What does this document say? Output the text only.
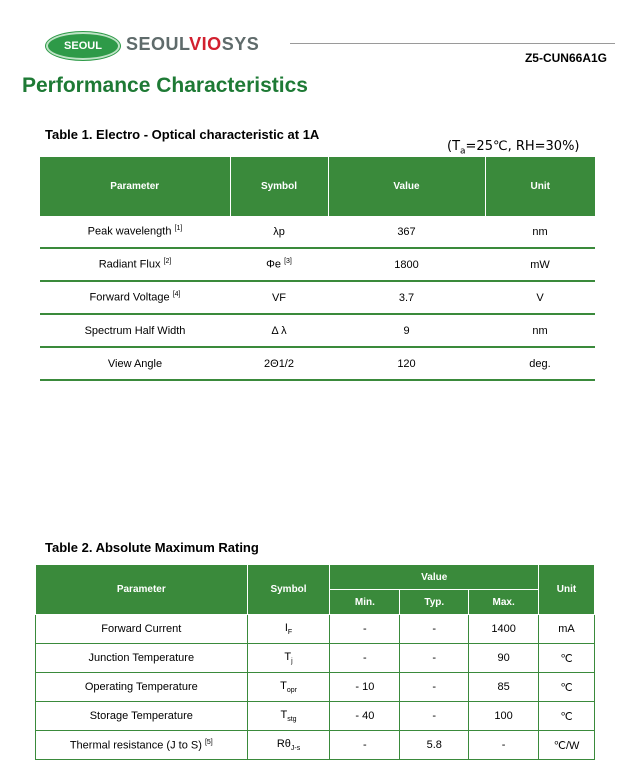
SEOUL	SEOULVIOSYS
Z5-CUN66A1G
Performance Characteristics
Table 1. Electro - Optical characteristic at 1A
($T_a=25℃$, RH=30%)
Parameter	Symbol	Value	Unit
Peak wavelength [1]	λp	367	nm
Radiant Flux [2]	Φe [3]	1800	mW
Forward Voltage [4]	VF	3.7	V
Spectrum Half Width	Δ λ	9	nm
View Angle	2Θ1/2	120	deg.
Table 2. Absolute Maximum Rating
Parameter	Symbol	Value			Unit
		Min.	Typ.	Max.	
Forward Current	$I_F$	-	-	1400	mA
Junction Temperature	$T_j$	-	-	90	℃
Operating Temperature	$T_{opr}$	- 10	-	85	℃
Storage Temperature	$T_{stg}$	- 40	-	100	℃
Thermal resistance (J to S) [5]	$R\theta_{J-s}$	-	5.8	-	℃/W
